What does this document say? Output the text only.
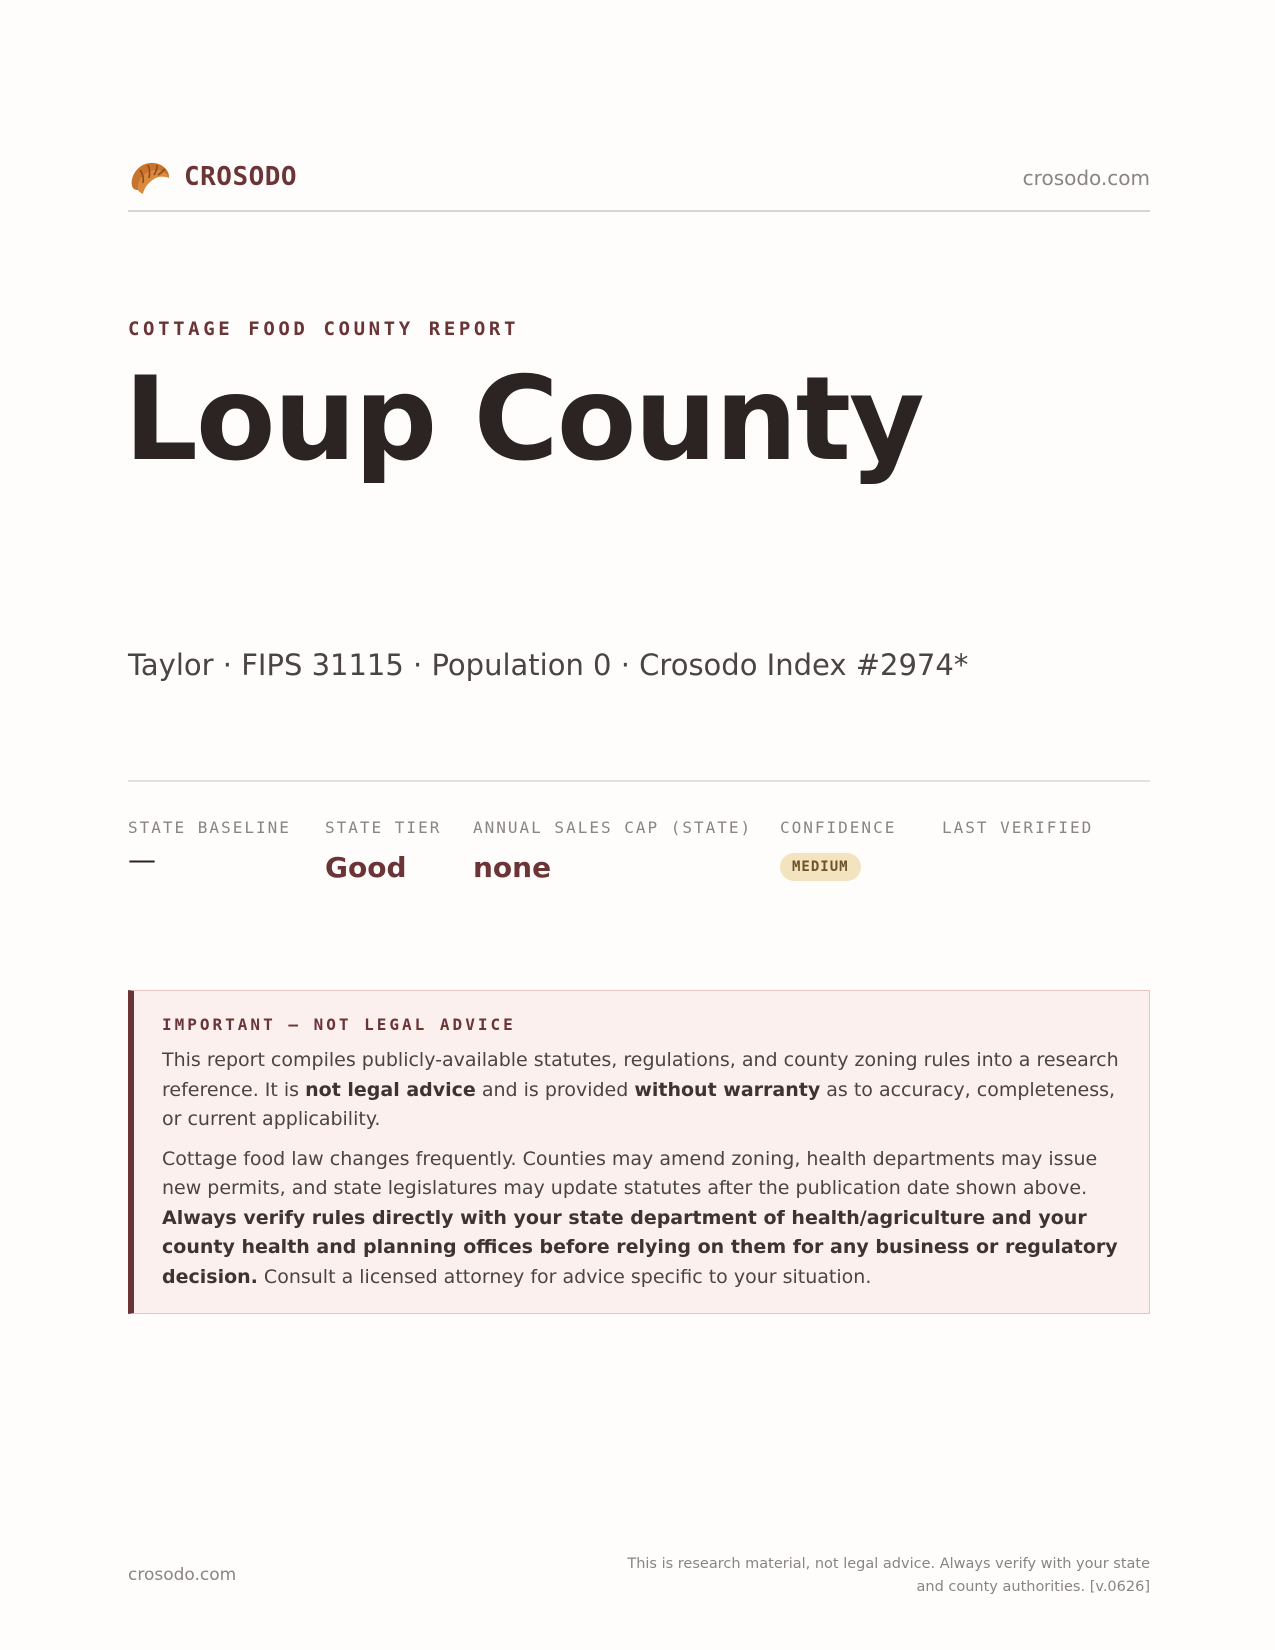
CROSODO	crosodo.com
COTTAGE FOOD COUNTY REPORT
Loup County
Taylor · FIPS 31115 · Population 0 · Crosodo Index #2974*
STATE BASELINE
—
STATE TIER
Good
ANNUAL SALES CAP (STATE)
none
CONFIDENCE
MEDIUM
LAST VERIFIED
IMPORTANT — NOT LEGAL ADVICE

This report compiles publicly-available statutes, regulations, and county zoning rules into a research reference. It is not legal advice and is provided without warranty as to accuracy, completeness, or current applicability.

Cottage food law changes frequently. Counties may amend zoning, health departments may issue new permits, and state legislatures may update statutes after the publication date shown above. Always verify rules directly with your state department of health/agriculture and your county health and planning offices before relying on them for any business or regulatory decision. Consult a licensed attorney for advice specific to your situation.

crosodo.com
This is research material, not legal advice. Always verify with your state and county authorities. [v.0626]
